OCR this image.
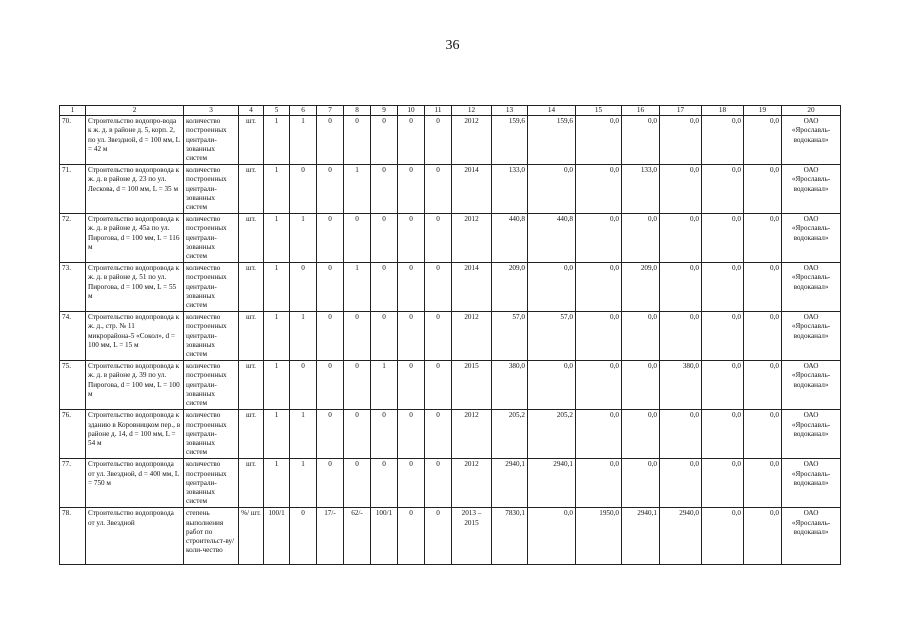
36
1	2	3	4	5	6	7	8	9	10	11	12	13	14	15	16	17	18	19	20
70.	Строительство водопро-вода к ж. д. в районе д. 5, корп. 2, по ул. Звездной, d = 100 мм, L = 42 м	количество построенных централи-зованных систем	шт.	1	1	0	0	0	0	0	2012	159,6	159,6	0,0	0,0	0,0	0,0	0,0	ОАО «Ярославль-водоканал»
71.	Строительство водопровода к ж. д. в районе д. 23 по ул. Лескова, d = 100 мм, L = 35 м	количество построенных централи-зованных систем	шт.	1	0	0	1	0	0	0	2014	133,0	0,0	0,0	133,0	0,0	0,0	0,0	ОАО «Ярославль-водоканал»
72.	Строительство водопровода к ж. д. в районе д. 45а по ул. Пирогова, d = 100 мм, L = 116 м	количество построенных централи-зованных систем	шт.	1	1	0	0	0	0	0	2012	440,8	440,8	0,0	0,0	0,0	0,0	0,0	ОАО «Ярославль-водоканал»
73.	Строительство водопровода к ж. д. в районе д. 51 по ул. Пирогова, d = 100 мм, L = 55 м	количество построенных централи-зованных систем	шт.	1	0	0	1	0	0	0	2014	209,0	0,0	0,0	209,0	0,0	0,0	0,0	ОАО «Ярославль-водоканал»
74.	Строительство водопровода к ж. д., стр. № 11 микрорайона-5 «Сокол», d = 100 мм, L = 15 м	количество построенных централи-зованных систем	шт.	1	1	0	0	0	0	0	2012	57,0	57,0	0,0	0,0	0,0	0,0	0,0	ОАО «Ярославль-водоканал»
75.	Строительство водопровода к ж. д. в районе д. 39 по ул. Пирогова, d = 100 мм, L = 100 м	количество построенных централи-зованных систем	шт.	1	0	0	0	1	0	0	2015	380,0	0,0	0,0	0,0	380,0	0,0	0,0	ОАО «Ярославль-водоканал»
76.	Строительство водопровода к зданию в Коровницком пер., в районе д. 14, d = 100 мм, L = 54 м	количество построенных централи-зованных систем	шт.	1	1	0	0	0	0	0	2012	205,2	205,2	0,0	0,0	0,0	0,0	0,0	ОАО «Ярославль-водоканал»
77.	Строительство водопровода от ул. Звездной, d = 400 мм, L = 750 м	количество построенных централи-зованных систем	шт.	1	1	0	0	0	0	0	2012	2940,1	2940,1	0,0	0,0	0,0	0,0	0,0	ОАО «Ярославль-водоканал»
78.	Строительство водопровода от ул. Звездной	степень выполнения работ по строительст-ву/ коли-чество	%/ шт.	100/1	0	17/-	62/-	100/1	0	0	2013 – 2015	7830,1	0,0	1950,0	2940,1	2940,0	0,0	0,0	ОАО «Ярославль-водоканал»
